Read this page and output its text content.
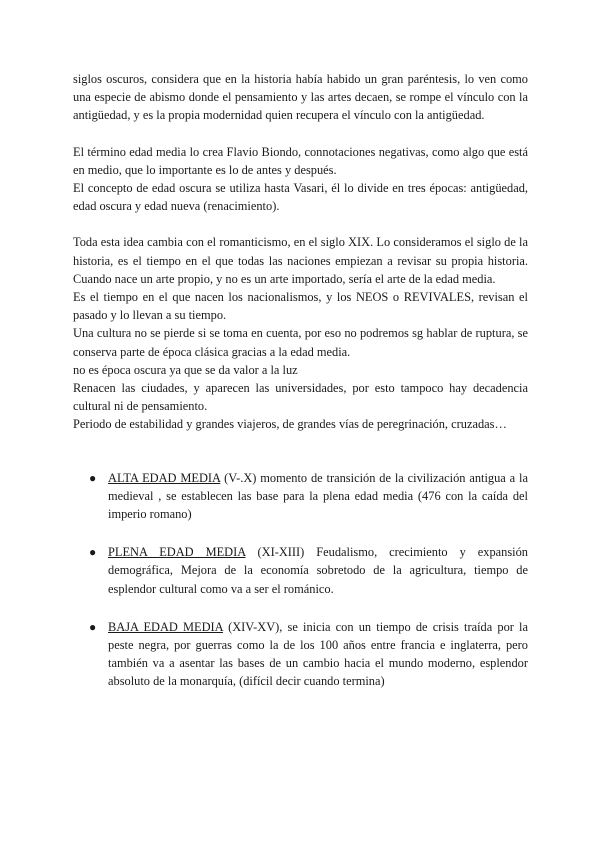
siglos oscuros, considera que en la historia había habido un gran paréntesis, lo ven como una especie de abismo donde el pensamiento y las artes decaen, se rompe el vínculo con la antigüedad, y es la propia modernidad quien recupera el vínculo con la antigüedad.

El término edad media lo crea Flavio Biondo, connotaciones negativas, como algo que está en medio, que lo importante es lo de antes y después.

El concepto de edad oscura se utiliza hasta Vasari, él lo divide en tres épocas: antigüedad, edad oscura y edad nueva (renacimiento).

Toda esta idea cambia con el romanticismo, en el siglo XIX. Lo consideramos el siglo de la historia, es el tiempo en el que todas las naciones empiezan a revisar su propia historia. Cuando nace un arte propio, y no es un arte importado, sería el arte de la edad media.

Es el tiempo en el que nacen los nacionalismos, y los NEOS o REVIVALES, revisan el pasado y lo llevan a su tiempo.

Una cultura no se pierde si se toma en cuenta, por eso no podremos sg hablar de ruptura, se conserva parte de época clásica gracias a la edad media.

no es época oscura ya que se da valor a la luz

Renacen las ciudades, y aparecen las universidades, por esto tampoco hay decadencia cultural ni de pensamiento.

Periodo de estabilidad y grandes viajeros, de grandes vías de peregrinación, cruzadas…

● ALTA EDAD MEDIA (V-.X) momento de transición de la civilización antigua a la medieval , se establecen las base para la plena edad media (476 con la caída del imperio romano)
● PLENA EDAD MEDIA (XI-XIII) Feudalismo, crecimiento y expansión demográfica, Mejora de la economía sobretodo de la agricultura, tiempo de esplendor cultural como va a ser el románico.
● BAJA EDAD MEDIA (XIV-XV), se inicia con un tiempo de crisis traída por la peste negra, por guerras como la de los 100 años entre francia e inglaterra, pero también va a asentar las bases de un cambio hacia el mundo moderno, esplendor absoluto de la monarquía, (difícil decir cuando termina)
